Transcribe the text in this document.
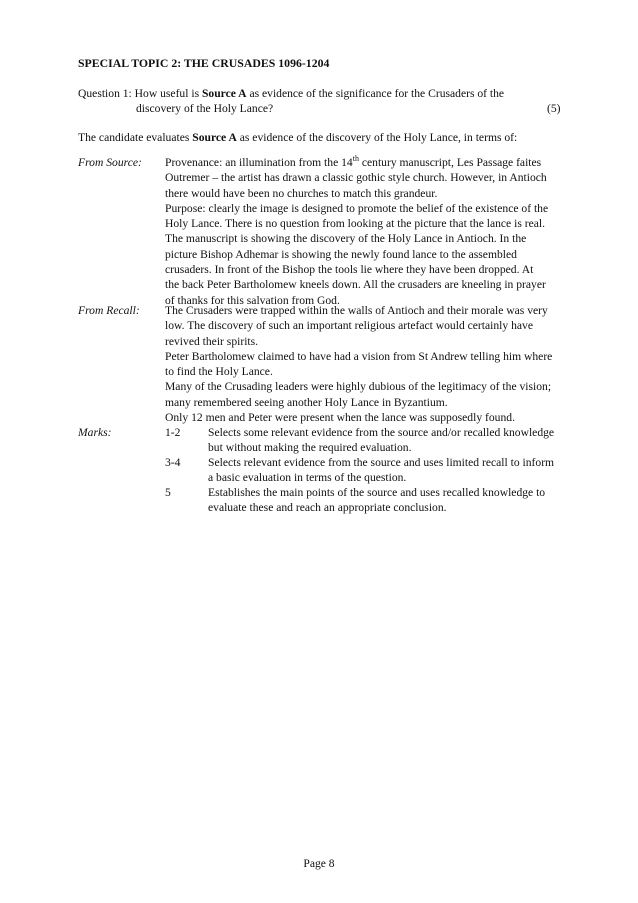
SPECIAL TOPIC 2: THE CRUSADES 1096-1204
Question 1: How useful is Source A as evidence of the significance for the Crusaders of the
discovery of the Holy Lance?	(5)
The candidate evaluates Source A as evidence of the discovery of the Holy Lance, in terms of:
From Source: Provenance: an illumination from the 14th century manuscript, Les Passage faites
Outremer – the artist has drawn a classic gothic style church. However, in Antioch
there would have been no churches to match this grandeur.
Purpose: clearly the image is designed to promote the belief of the existence of the
Holy Lance. There is no question from looking at the picture that the lance is real.
The manuscript is showing the discovery of the Holy Lance in Antioch. In the
picture Bishop Adhemar is showing the newly found lance to the assembled
crusaders. In front of the Bishop the tools lie where they have been dropped. At
the back Peter Bartholomew kneels down. All the crusaders are kneeling in prayer
of thanks for this salvation from God.
From Recall: The Crusaders were trapped within the walls of Antioch and their morale was very
low. The discovery of such an important religious artefact would certainly have
revived their spirits.
Peter Bartholomew claimed to have had a vision from St Andrew telling him where
to find the Holy Lance.
Many of the Crusading leaders were highly dubious of the legitimacy of the vision;
many remembered seeing another Holy Lance in Byzantium.
Only 12 men and Peter were present when the lance was supposedly found.
Marks:	1-2 Selects some relevant evidence from the source and/or recalled knowledge
but without making the required evaluation.
3-4 Selects relevant evidence from the source and uses limited recall to inform
a basic evaluation in terms of the question.
5	Establishes the main points of the source and uses recalled knowledge to
evaluate these and reach an appropriate conclusion.
Page 8
